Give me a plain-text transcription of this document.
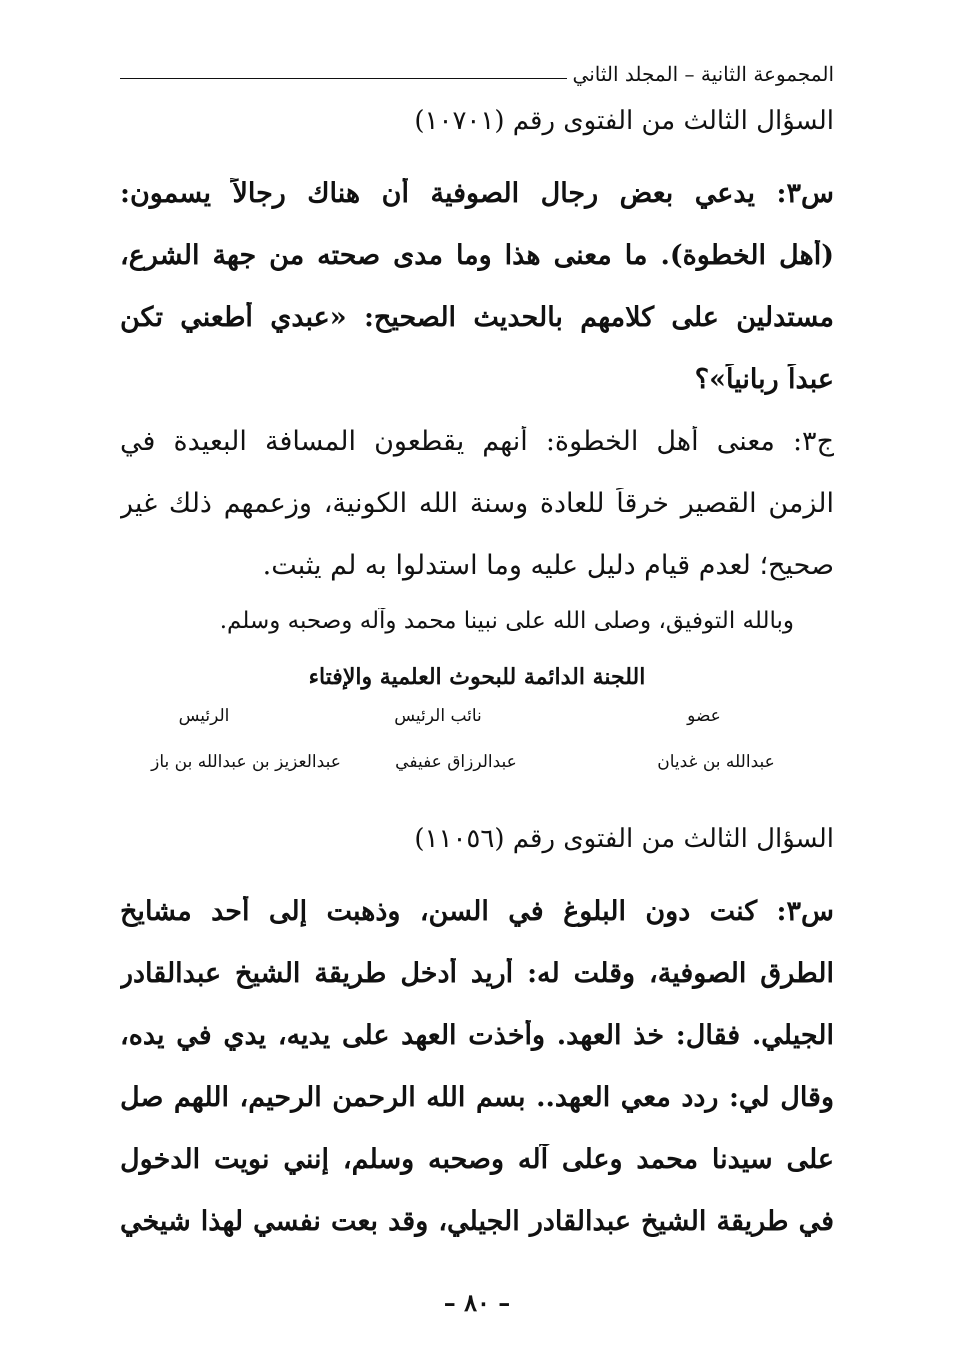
المجموعة الثانية – المجلد الثاني
السؤال الثالث من الفتوى رقم (١٠٧٠١)
س٣: يدعي بعض رجال الصوفية أن هناك رجالاً يسمون:
(أهل الخطوة). ما معنى هذا وما مدى صحته من جهة الشرع،
مستدلين على كلامهم بالحديث الصحيح: «عبدي أطعني تكن
عبداً ربانياً»؟
ج٣: معنى أهل الخطوة: أنهم يقطعون المسافة البعيدة في
الزمن القصير خرقاً للعادة وسنة الله الكونية، وزعمهم ذلك غير
صحيح؛ لعدم قيام دليل عليه وما استدلوا به لم يثبت.
وبالله التوفيق، وصلى الله على نبينا محمد وآله وصحبه وسلم.
اللجنة الدائمة للبحوث العلمية والإفتاء
عضو
نائب الرئيس
الرئيس
عبدالله بن غديان
عبدالرزاق عفيفي
عبدالعزيز بن عبدالله بن باز
السؤال الثالث من الفتوى رقم (١١٠٥٦)
س٣: كنت دون البلوغ في السن، وذهبت إلى أحد مشايخ
الطرق الصوفية، وقلت له: أريد أدخل طريقة الشيخ عبدالقادر
الجيلي. فقال: خذ العهد. وأخذت العهد على يديه، يدي في يده،
وقال لي: ردد معي العهد.. بسم الله الرحمن الرحيم، اللهم صل
على سيدنا محمد وعلى آله وصحبه وسلم، إنني نويت الدخول
في طريقة الشيخ عبدالقادر الجيلي، وقد بعت نفسي لهذا شيخي
– ٨٠ –
